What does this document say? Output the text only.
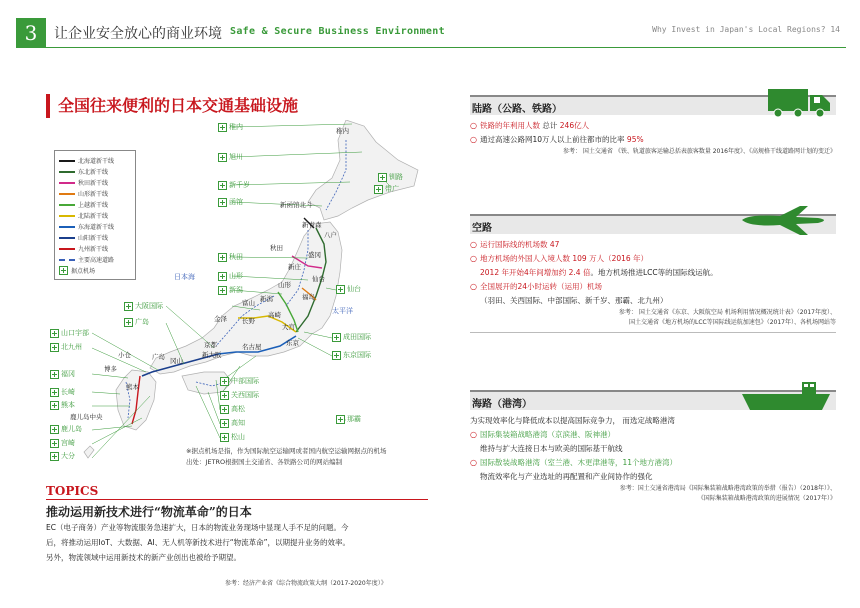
3	让企业安全放心的商业环境 Safe & Secure Business Environment	Why Invest in Japan's Local Regions? 14
全国往来便利的日本交通基础设施
北海道新干线
东北新干线
秋田新干线
山形新干线
上越新干线
北陆新干线
东海道新干线
山阳新干线
九州新干线
主要高速道路
据点机场
稚内
旭川
新千岁
函馆
秋田
山形
新潟
钏路
带广
仙台
成田国际
东京国际
那霸
大阪国际
广岛
山口宇部
北九州
福冈
长崎
熊本
鹿儿岛
宫崎
大分
中部国际
关西国际
高松
高知
松山
稚内
新函馆北斗
新青森
八户
秋田
盛冈
新庄
山形
福岛
仙台
新潟
富山
金泽 长野
高崎
大宫
东京
名古屋
京都
新大阪
冈山
广岛
小仓
博多
熊本
鹿儿岛中央
日本海
太平洋
※据点机场是指，作为国际航空运输网或者国内航空运输网据点的机场
出处：JETRO根据国土交通省、各铁路公司的网站编制
TOPICS
推动运用新技术进行“物流革命”的日本
EC（电子商务）产业等物流服务急速扩大，日本的物流业务现场中显现人手不足的问题。今
后，将推动运用IoT、大数据、AI、无人机等新技术进行“物流革命”，以期提升业务的效率。
另外，物流领域中运用新技术的新产业创出也被给予期望。
参考：经济产业省《综合物流政策大纲（2017-2020年度）》
陆路（公路、铁路）
○ 铁路的年利用人数 总计 246亿人
○ 通过高速公路网10万人以上前往都市的比率 95%
参考： 国土交通省 《铁、轨道旅客运输总括表旅客数量 2016年度》、《高规格干线道路网计划的变迁》
空路
○ 运行国际线的机场数 47
○ 地方机场的外国人入境人数 109 万人（2016 年）
2012 年开始4年间增加约 2.4 倍。地方机场推进LCC等的国际线运航。
○ 全国展开的24小时运转（运用）机场
（羽田、关西国际、中部国际、新千岁、那霸、北九州）
参考： 国土交通省《东京、大阪航空局 机场利用情况概况统计表》（2017年度）、
国土交通省《地方机场的LCC等国际线运航加速包》（2017年）、各机场网站等
海路（港湾）
为实现效率化与降低成本以提高国际竞争力， 而选定战略港湾
○ 国际集装箱战略港湾（京滨港、阪神港）
维持与扩大连接日本与欧美的国际基干航线
○ 国际散装战略港湾（室兰港、木更津港等，11个地方港湾）
物流效率化与产业选址的再配置和产业间协作的强化
参考：国土交通省港湾局《国际集装箱战略港湾政策的举措（报告）（2018年）》、
《国际集装箱战略港湾政策的进展情况（2017年）》
